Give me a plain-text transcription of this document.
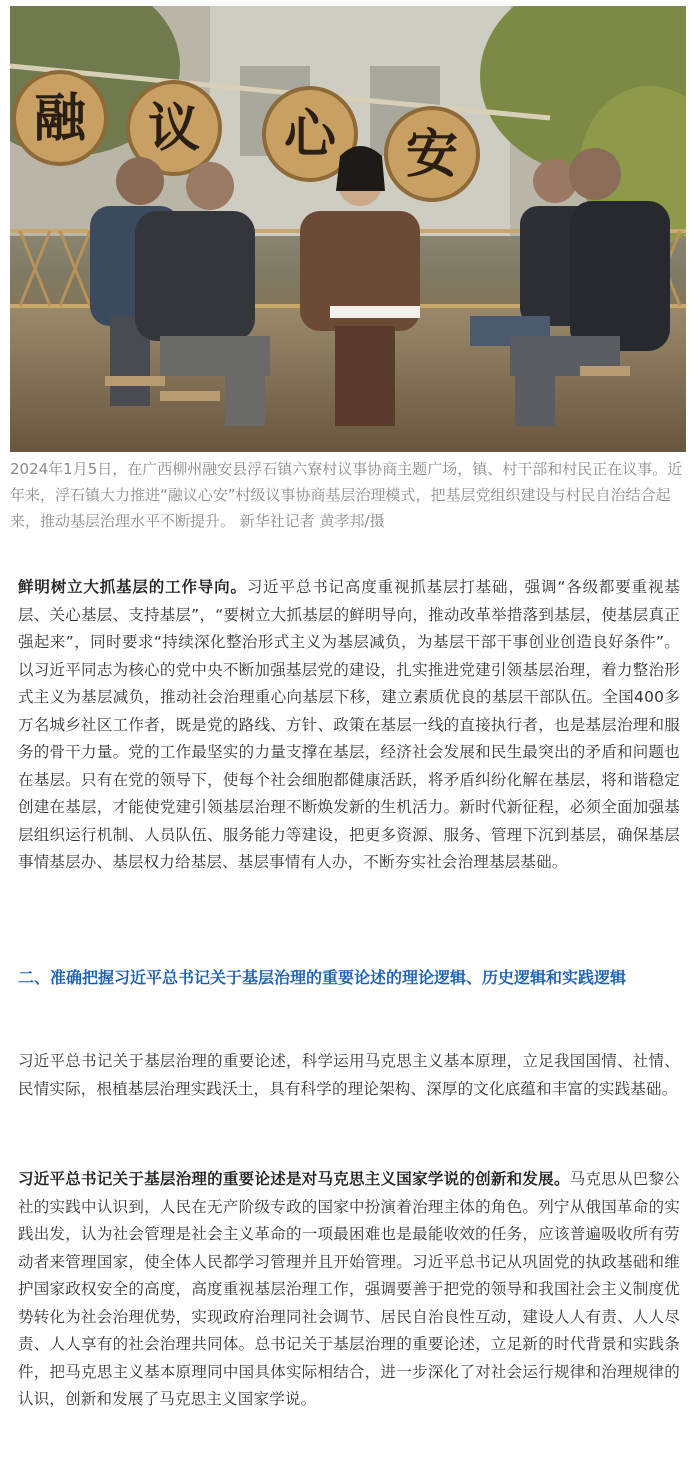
融 议 心 安
2024年1月5日，在广西柳州融安县浮石镇六寮村议事协商主题广场，镇、村干部和村民正在议事。近年来，浮石镇大力推进“融议心安”村级议事协商基层治理模式，把基层党组织建设与村民自治结合起来，推动基层治理水平不断提升。 新华社记者 黄孝邦/摄
鲜明树立大抓基层的工作导向。习近平总书记高度重视抓基层打基础，强调“各级都要重视基层、关心基层、支持基层”，“要树立大抓基层的鲜明导向，推动改革举措落到基层，使基层真正强起来”，同时要求“持续深化整治形式主义为基层减负，为基层干部干事创业创造良好条件”。以习近平同志为核心的党中央不断加强基层党的建设，扎实推进党建引领基层治理，着力整治形式主义为基层减负，推动社会治理重心向基层下移，建立素质优良的基层干部队伍。全国400多万名城乡社区工作者，既是党的路线、方针、政策在基层一线的直接执行者，也是基层治理和服务的骨干力量。党的工作最坚实的力量支撑在基层，经济社会发展和民生最突出的矛盾和问题也在基层。只有在党的领导下，使每个社会细胞都健康活跃，将矛盾纠纷化解在基层，将和谐稳定创建在基层，才能使党建引领基层治理不断焕发新的生机活力。新时代新征程，必须全面加强基层组织运行机制、人员队伍、服务能力等建设，把更多资源、服务、管理下沉到基层，确保基层事情基层办、基层权力给基层、基层事情有人办，不断夯实社会治理基层基础。
二、准确把握习近平总书记关于基层治理的重要论述的理论逻辑、历史逻辑和实践逻辑
习近平总书记关于基层治理的重要论述，科学运用马克思主义基本原理，立足我国国情、社情、民情实际，根植基层治理实践沃土，具有科学的理论架构、深厚的文化底蕴和丰富的实践基础。
习近平总书记关于基层治理的重要论述是对马克思主义国家学说的创新和发展。马克思从巴黎公社的实践中认识到，人民在无产阶级专政的国家中扮演着治理主体的角色。列宁从俄国革命的实践出发，认为社会管理是社会主义革命的一项最困难也是最能收效的任务，应该普遍吸收所有劳动者来管理国家，使全体人民都学习管理并且开始管理。习近平总书记从巩固党的执政基础和维护国家政权安全的高度，高度重视基层治理工作，强调要善于把党的领导和我国社会主义制度优势转化为社会治理优势，实现政府治理同社会调节、居民自治良性互动，建设人人有责、人人尽责、人人享有的社会治理共同体。总书记关于基层治理的重要论述，立足新的时代背景和实践条件，把马克思主义基本原理同中国具体实际相结合，进一步深化了对社会运行规律和治理规律的认识，创新和发展了马克思主义国家学说。
